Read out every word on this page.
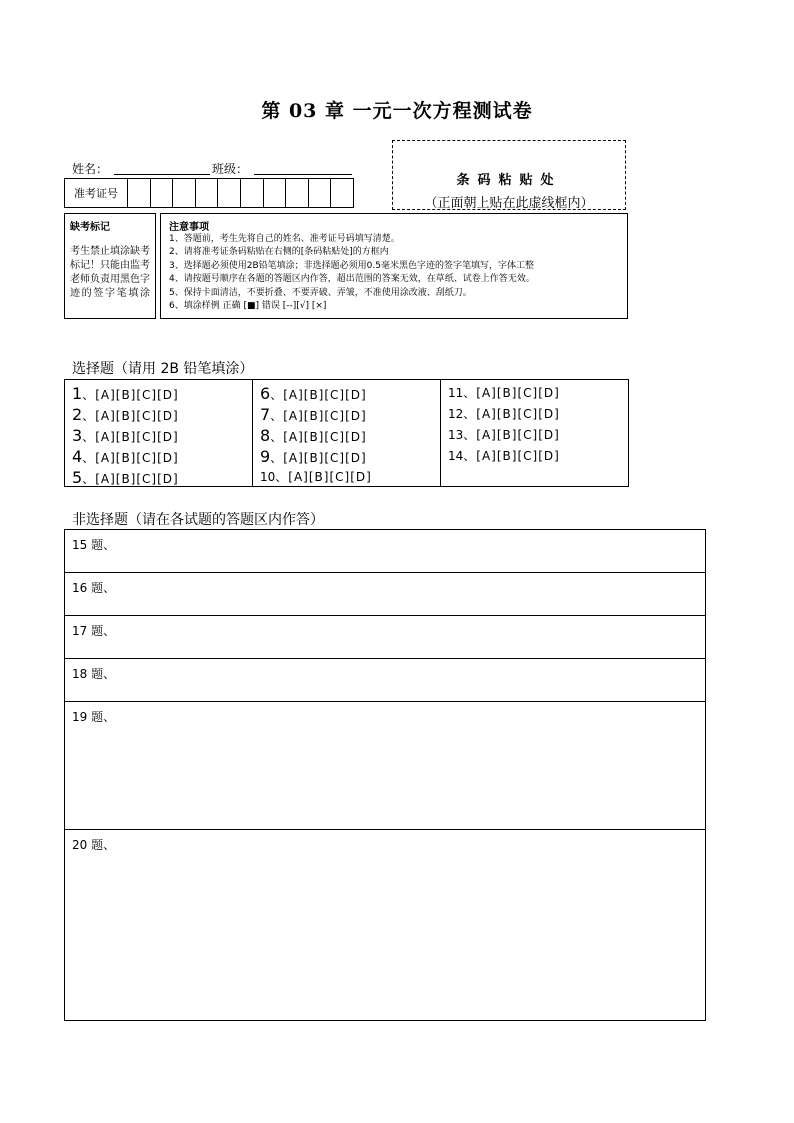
第 03 章 一元一次方程测试卷
姓名：	班级：
准考证号
条码粘贴处
（正面朝上贴在此虚线框内）
缺考标记
考生禁止填涂缺考标记！只能由监考老师负责用黑色字迹的签字笔填涂
注意事项
1、答题前，考生先将自己的姓名、准考证号码填写清楚。
2、请将准考证条码粘贴在右侧的[条码粘贴处]的方框内
3、选择题必须使用2B铅笔填涂；非选择题必须用0.5毫米黑色字迹的签字笔填写，字体工整
4、请按题号顺序在各题的答题区内作答，超出范围的答案无效，在草纸、试卷上作答无效。
5、保持卡面清洁，不要折叠、不要弄破、弄皱，不准使用涂改液、刮纸刀。
6、填涂样例 正确 [■] 错误 [--][√] [×]
选择题（请用 2B 铅笔填涂）
1、[A][B][C][D]
2、[A][B][C][D]
3、[A][B][C][D]
4、[A][B][C][D]
5、[A][B][C][D]
6、[A][B][C][D]
7、[A][B][C][D]
8、[A][B][C][D]
9、[A][B][C][D]
10、[A][B][C][D]
11、[A][B][C][D]
12、[A][B][C][D]
13、[A][B][C][D]
14、[A][B][C][D]
非选择题（请在各试题的答题区内作答）
15 题、
16 题、
17 题、
18 题、
19 题、
20 题、
